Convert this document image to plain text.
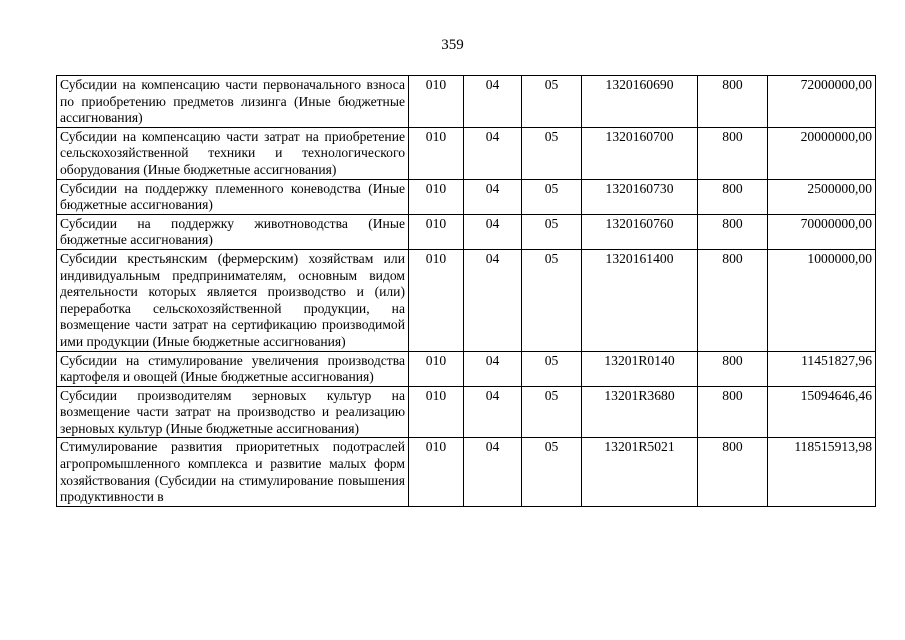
359
Субсидии на компенсацию части первоначального взноса по приобретению предметов лизинга (Иные бюджетные ассигнования)	010	04	05	1320160690	800	72000000,00
Субсидии на компенсацию части затрат на приобретение сельскохозяйственной техники и технологического оборудования (Иные бюджетные ассигнования)	010	04	05	1320160700	800	20000000,00
Субсидии на поддержку племенного коневодства (Иные бюджетные ассигнования)	010	04	05	1320160730	800	2500000,00
Субсидии на поддержку животноводства (Иные бюджетные ассигнования)	010	04	05	1320160760	800	70000000,00
Субсидии крестьянским (фермерским) хозяйствам или индивидуальным предпринимателям, основным видом деятельности которых является производство и (или) переработка сельскохозяйственной продукции, на возмещение части затрат на сертификацию производимой ими продукции (Иные бюджетные ассигнования)	010	04	05	1320161400	800	1000000,00
Субсидии на стимулирование увеличения производства картофеля и овощей (Иные бюджетные ассигнования)	010	04	05	13201R0140	800	11451827,96
Субсидии производителям зерновых культур на возмещение части затрат на производство и реализацию зерновых культур (Иные бюджетные ассигнования)	010	04	05	13201R3680	800	15094646,46
Стимулирование развития приоритетных подотраслей агропромышленного комплекса и развитие малых форм хозяйствования (Субсидии на стимулирование повышения продуктивности в	010	04	05	13201R5021	800	118515913,98
